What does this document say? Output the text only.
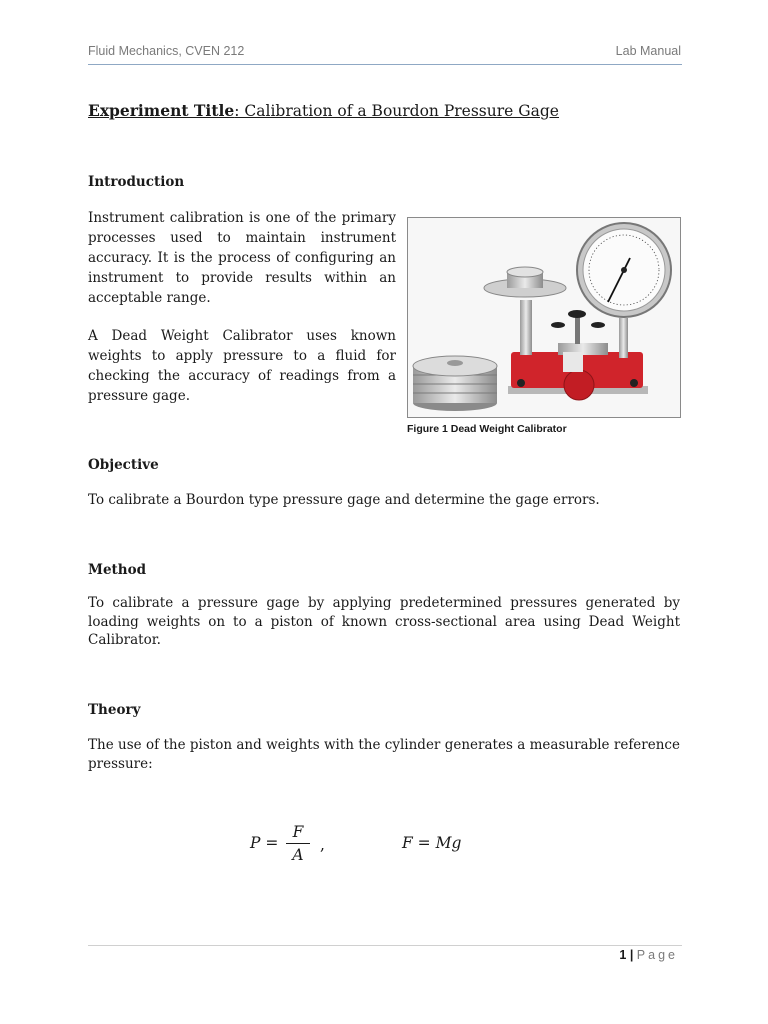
Fluid Mechanics, CVEN 212	Lab Manual
Experiment Title: Calibration of a Bourdon Pressure Gage
Introduction

Instrument calibration is one of the primary processes used to maintain instrument accuracy. It is the process of configuring an instrument to provide results within an acceptable range.

A Dead Weight Calibrator uses known weights to apply pressure to a fluid for checking the accuracy of readings from a pressure gage.

Figure 1 Dead Weight Calibrator
Objective

To calibrate a Bourdon type pressure gage and determine the gage errors.

Method

To calibrate a pressure gage by applying predetermined pressures generated by loading weights on to a piston of known cross-sectional area using Dead Weight Calibrator.

Theory

The use of the piston and weights with the cylinder generates a measurable reference pressure:

P =
F
A
,	F = Mg
1 | Page
